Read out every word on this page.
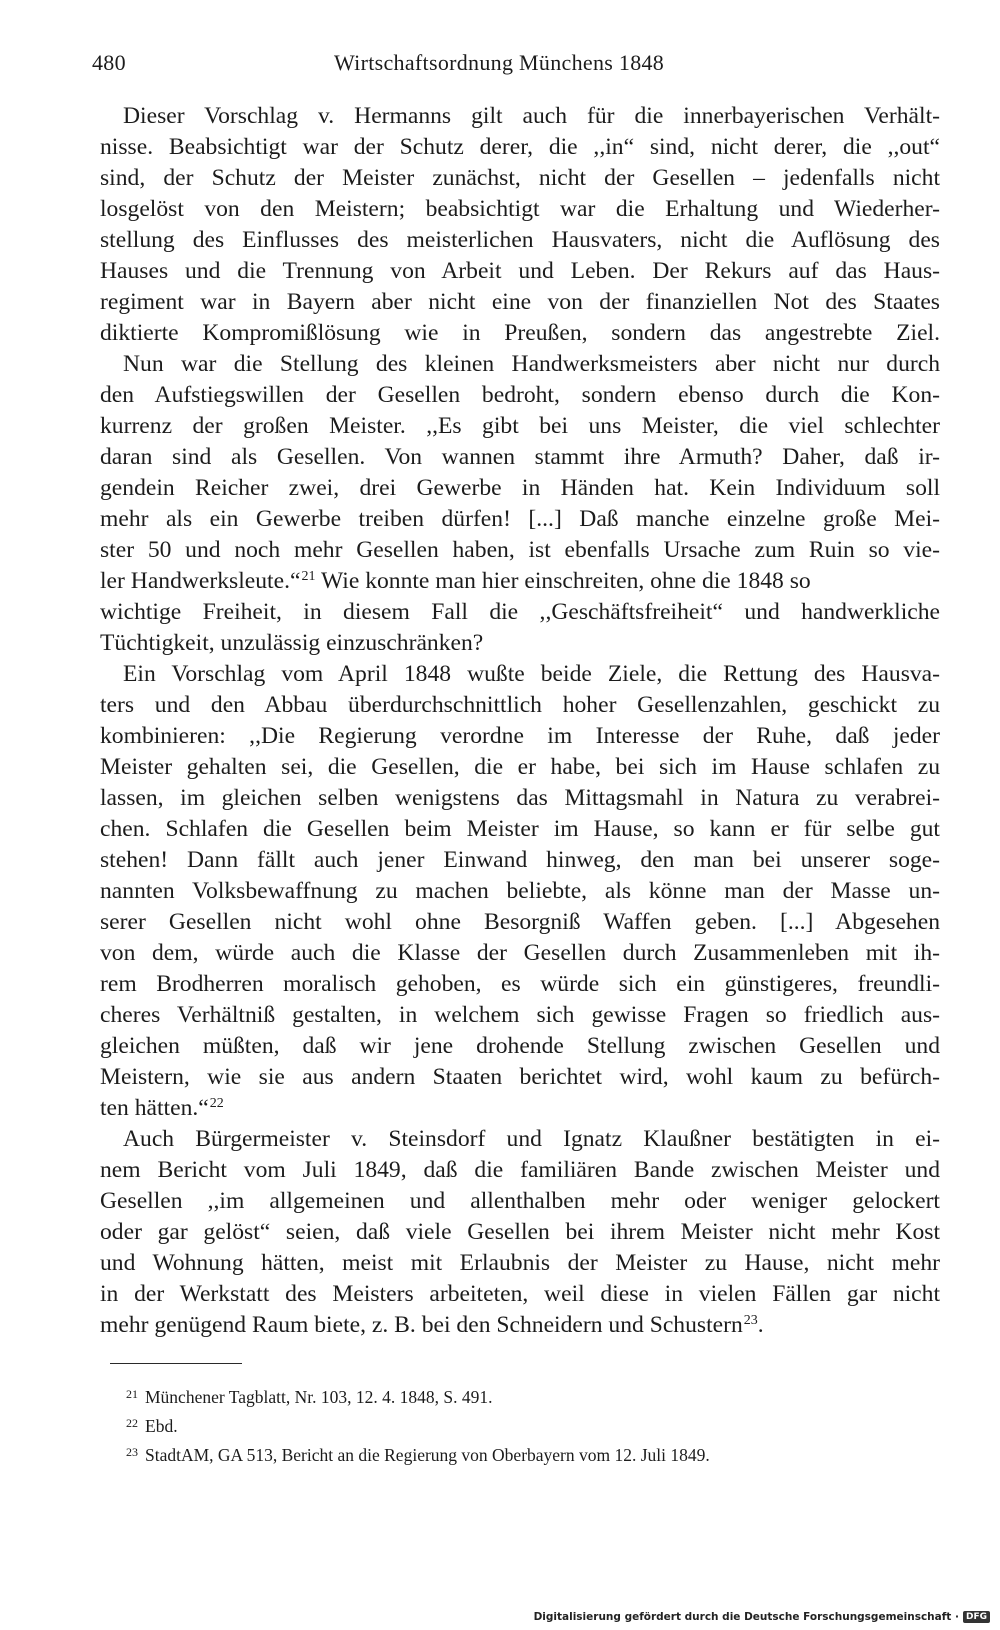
480	Wirtschaftsordnung Münchens 1848
Dieser Vorschlag v. Hermanns gilt auch für die innerbayerischen Verhält-
nisse. Beabsichtigt war der Schutz derer, die ,,in“ sind, nicht derer, die ,,out“
sind, der Schutz der Meister zunächst, nicht der Gesellen – jedenfalls nicht
losgelöst von den Meistern; beabsichtigt war die Erhaltung und Wiederher-
stellung des Einflusses des meisterlichen Hausvaters, nicht die Auflösung des
Hauses und die Trennung von Arbeit und Leben. Der Rekurs auf das Haus-
regiment war in Bayern aber nicht eine von der finanziellen Not des Staates
diktierte Kompromißlösung wie in Preußen, sondern das angestrebte Ziel.
Nun war die Stellung des kleinen Handwerksmeisters aber nicht nur durch
den Aufstiegswillen der Gesellen bedroht, sondern ebenso durch die Kon-
kurrenz der großen Meister. ,,Es gibt bei uns Meister, die viel schlechter
daran sind als Gesellen. Von wannen stammt ihre Armuth? Daher, daß ir-
gendein Reicher zwei, drei Gewerbe in Händen hat. Kein Individuum soll
mehr als ein Gewerbe treiben dürfen! [...] Daß manche einzelne große Mei-
ster 50 und noch mehr Gesellen haben, ist ebenfalls Ursache zum Ruin so vie-
ler Handwerksleute.“$^{21}$ Wie konnte man hier einschreiten, ohne die 1848 so
wichtige Freiheit, in diesem Fall die ,,Geschäftsfreiheit“ und handwerkliche
Tüchtigkeit, unzulässig einzuschränken?
Ein Vorschlag vom April 1848 wußte beide Ziele, die Rettung des Hausva-
ters und den Abbau überdurchschnittlich hoher Gesellenzahlen, geschickt zu
kombinieren: ,,Die Regierung verordne im Interesse der Ruhe, daß jeder
Meister gehalten sei, die Gesellen, die er habe, bei sich im Hause schlafen zu
lassen, im gleichen selben wenigstens das Mittagsmahl in Natura zu verabrei-
chen. Schlafen die Gesellen beim Meister im Hause, so kann er für selbe gut
stehen! Dann fällt auch jener Einwand hinweg, den man bei unserer soge-
nannten Volksbewaffnung zu machen beliebte, als könne man der Masse un-
serer Gesellen nicht wohl ohne Besorgniß Waffen geben. [...] Abgesehen
von dem, würde auch die Klasse der Gesellen durch Zusammenleben mit ih-
rem Brodherren moralisch gehoben, es würde sich ein günstigeres, freundli-
cheres Verhältniß gestalten, in welchem sich gewisse Fragen so friedlich aus-
gleichen müßten, daß wir jene drohende Stellung zwischen Gesellen und
Meistern, wie sie aus andern Staaten berichtet wird, wohl kaum zu befürch-
ten hätten.“$^{22}$
Auch Bürgermeister v. Steinsdorf und Ignatz Klaußner bestätigten in ei-
nem Bericht vom Juli 1849, daß die familiären Bande zwischen Meister und
Gesellen ,,im allgemeinen und allenthalben mehr oder weniger gelockert
oder gar gelöst“ seien, daß viele Gesellen bei ihrem Meister nicht mehr Kost
und Wohnung hätten, meist mit Erlaubnis der Meister zu Hause, nicht mehr
in der Werkstatt des Meisters arbeiteten, weil diese in vielen Fällen gar nicht
mehr genügend Raum biete, z. B. bei den Schneidern und Schustern$^{23}$.
$^{21}$ Münchener Tagblatt, Nr. 103, 12. 4. 1848, S. 491.
$^{22}$ Ebd.
$^{23}$ StadtAM, GA 513, Bericht an die Regierung von Oberbayern vom 12. Juli 1849.
Digitalisierung gefördert durch die Deutsche Forschungsgemeinschaft · DFG
